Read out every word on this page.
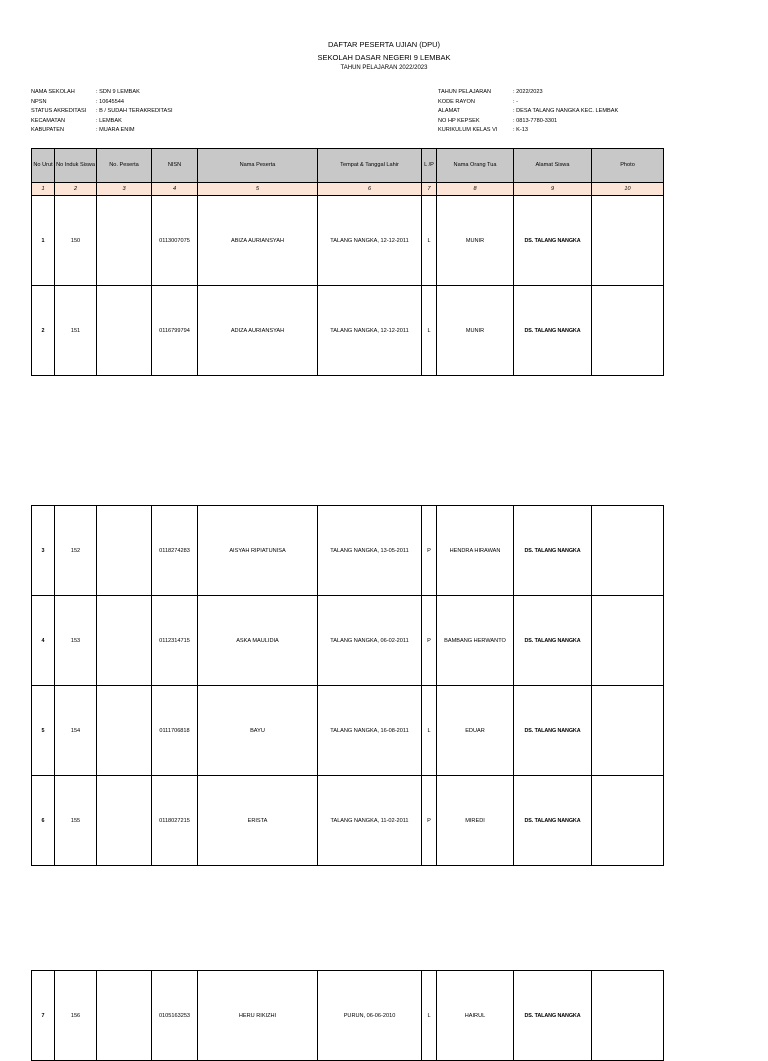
DAFTAR PESERTA UJIAN (DPU)
SEKOLAH DASAR NEGERI 9 LEMBAK
TAHUN PELAJARAN 2022/2023
NAMA SEKOLAH	: SDN 9 LEMBAK
NPSN	: 10645544
STATUS AKREDITASI	: B / SUDAH TERAKREDITASI
KECAMATAN	: LEMBAK
KABUPATEN	: MUARA ENIM
TAHUN PELAJARAN	: 2022/2023
KODE RAYON	: -
ALAMAT	: DESA TALANG NANGKA KEC. LEMBAK
NO HP KEPSEK	: 0813-7780-3301
KURIKULUM KELAS VI	: K-13
No Urut	No Induk Siswa	No. Peserta	NISN	Nama Peserta	Tempat & Tanggal Lahir	L /P	Nama Orang Tua	Alamat Siswa	Photo
1	2	3	4	5	6	7	8	9	10
1	150		0113007075	ABIZA AURIANSYAH	TALANG NANGKA, 12-12-2011	L	MUNIR	DS. TALANG NANGKA	
2	151		0116799794	ADIZA AURIANSYAH	TALANG NANGKA, 12-12-2011	L	MUNIR	DS. TALANG NANGKA	
3	152		0118274283	AISYAH RIPIATUNISA	TALANG NANGKA, 13-05-2011	P	HENDRA HIRAWAN	DS. TALANG NANGKA	
4	153		0112314715	ASKA MAULIDIA	TALANG NANGKA, 06-02-2011	P	BAMBANG HERWANTO	DS. TALANG NANGKA	
5	154		0111706818	BAYU	TALANG NANGKA, 16-08-2011	L	EDUAR	DS. TALANG NANGKA	
6	155		0118027215	ERISTA	TALANG NANGKA, 11-02-2011	P	MIREDI	DS. TALANG NANGKA	
7	156		0105163253	HERU RIKIZHI	PURUN, 06-06-2010	L	HAIRUL	DS. TALANG NANGKA	
